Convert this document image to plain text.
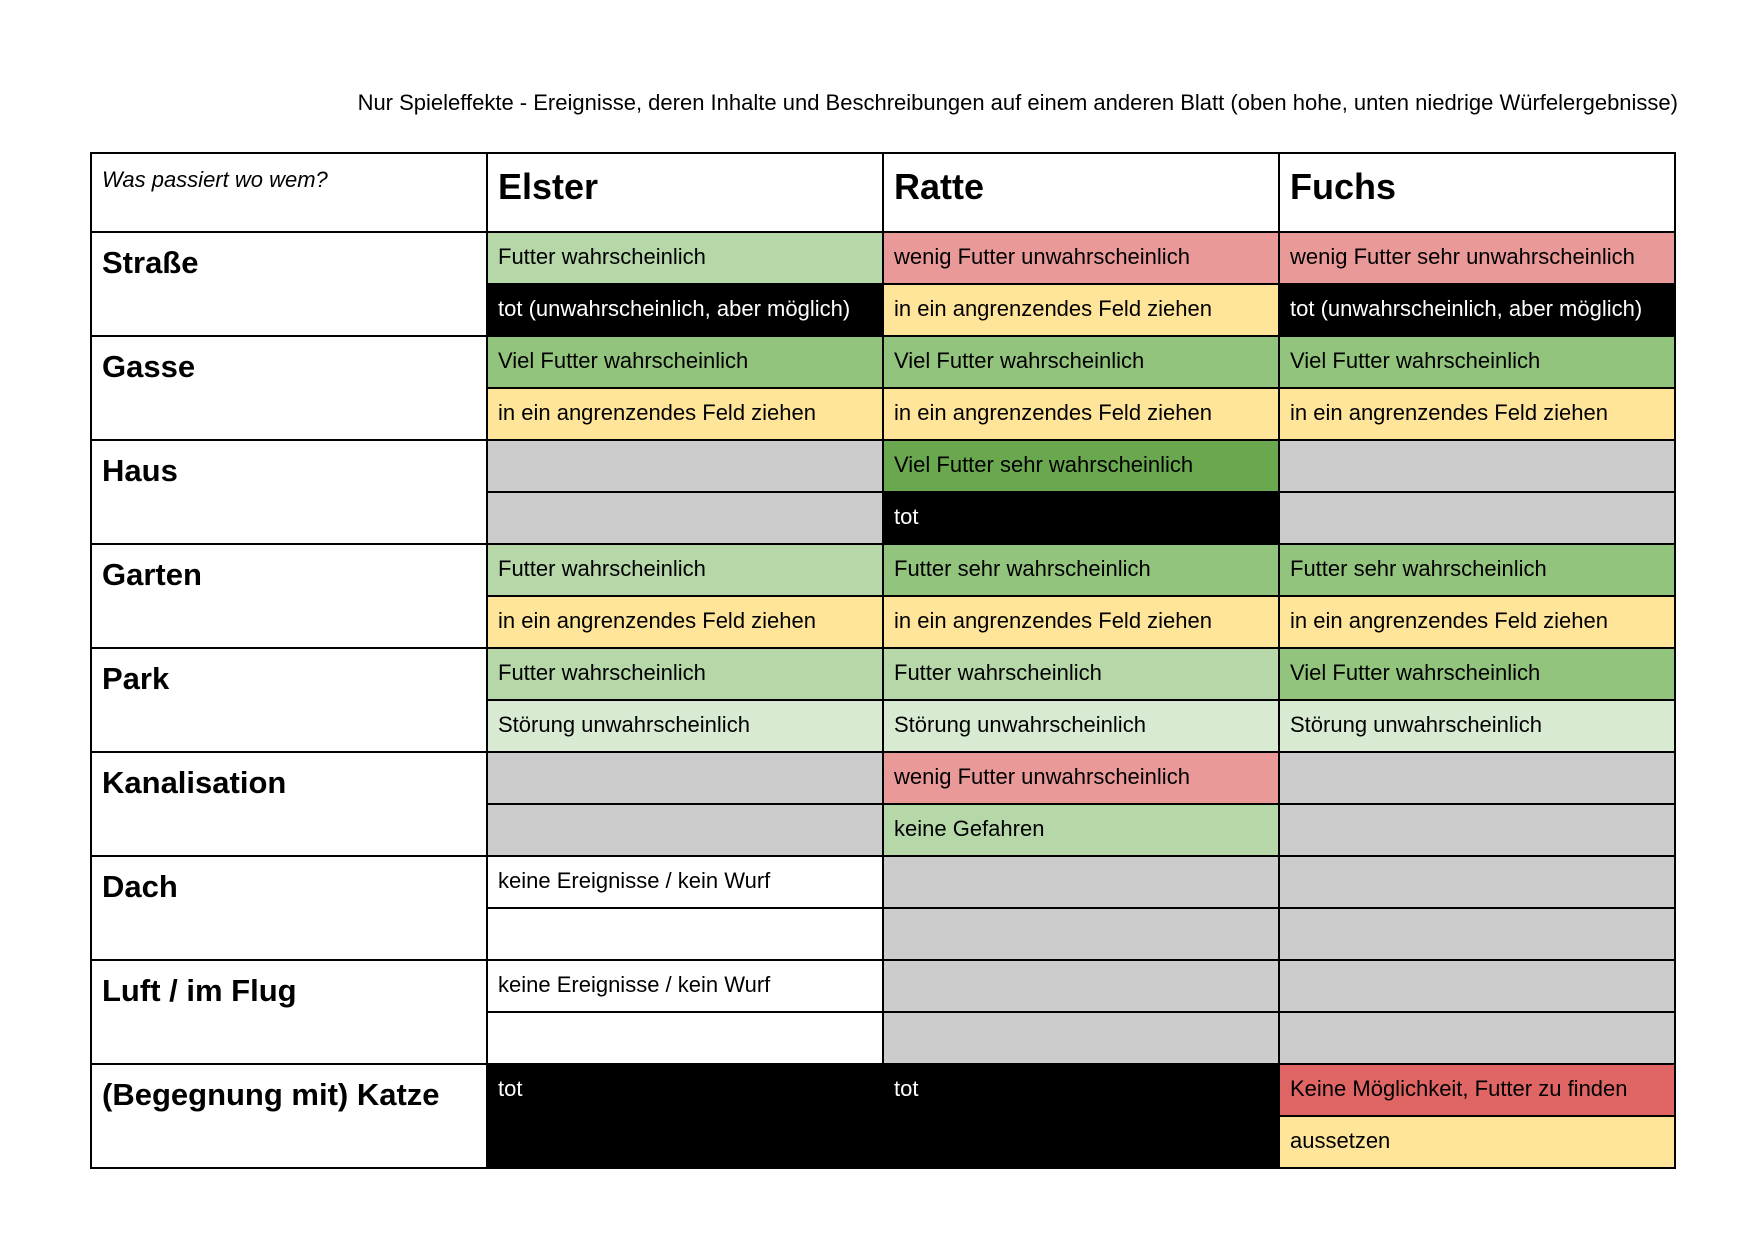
Nur Spieleffekte - Ereignisse, deren Inhalte und Beschreibungen auf einem anderen Blatt (oben hohe, unten niedrige Würfelergebnisse)
Was passiert wo wem?	Elster	Ratte	Fuchs
Straße	Futter wahrscheinlich	wenig Futter unwahrscheinlich	wenig Futter sehr unwahrscheinlich
	tot (unwahrscheinlich, aber möglich)	in ein angrenzendes Feld ziehen	tot (unwahrscheinlich, aber möglich)
Gasse	Viel Futter wahrscheinlich	Viel Futter wahrscheinlich	Viel Futter wahrscheinlich
	in ein angrenzendes Feld ziehen	in ein angrenzendes Feld ziehen	in ein angrenzendes Feld ziehen
Haus		Viel Futter sehr wahrscheinlich	
		tot	
Garten	Futter wahrscheinlich	Futter sehr wahrscheinlich	Futter sehr wahrscheinlich
	in ein angrenzendes Feld ziehen	in ein angrenzendes Feld ziehen	in ein angrenzendes Feld ziehen
Park	Futter wahrscheinlich	Futter wahrscheinlich	Viel Futter wahrscheinlich
	Störung unwahrscheinlich	Störung unwahrscheinlich	Störung unwahrscheinlich
Kanalisation		wenig Futter unwahrscheinlich	
		keine Gefahren	
Dach	keine Ereignisse / kein Wurf		

Luft / im Flug	keine Ereignisse / kein Wurf		

(Begegnung mit) Katze	tot	tot	Keine Möglichkeit, Futter zu finden
			aussetzen
